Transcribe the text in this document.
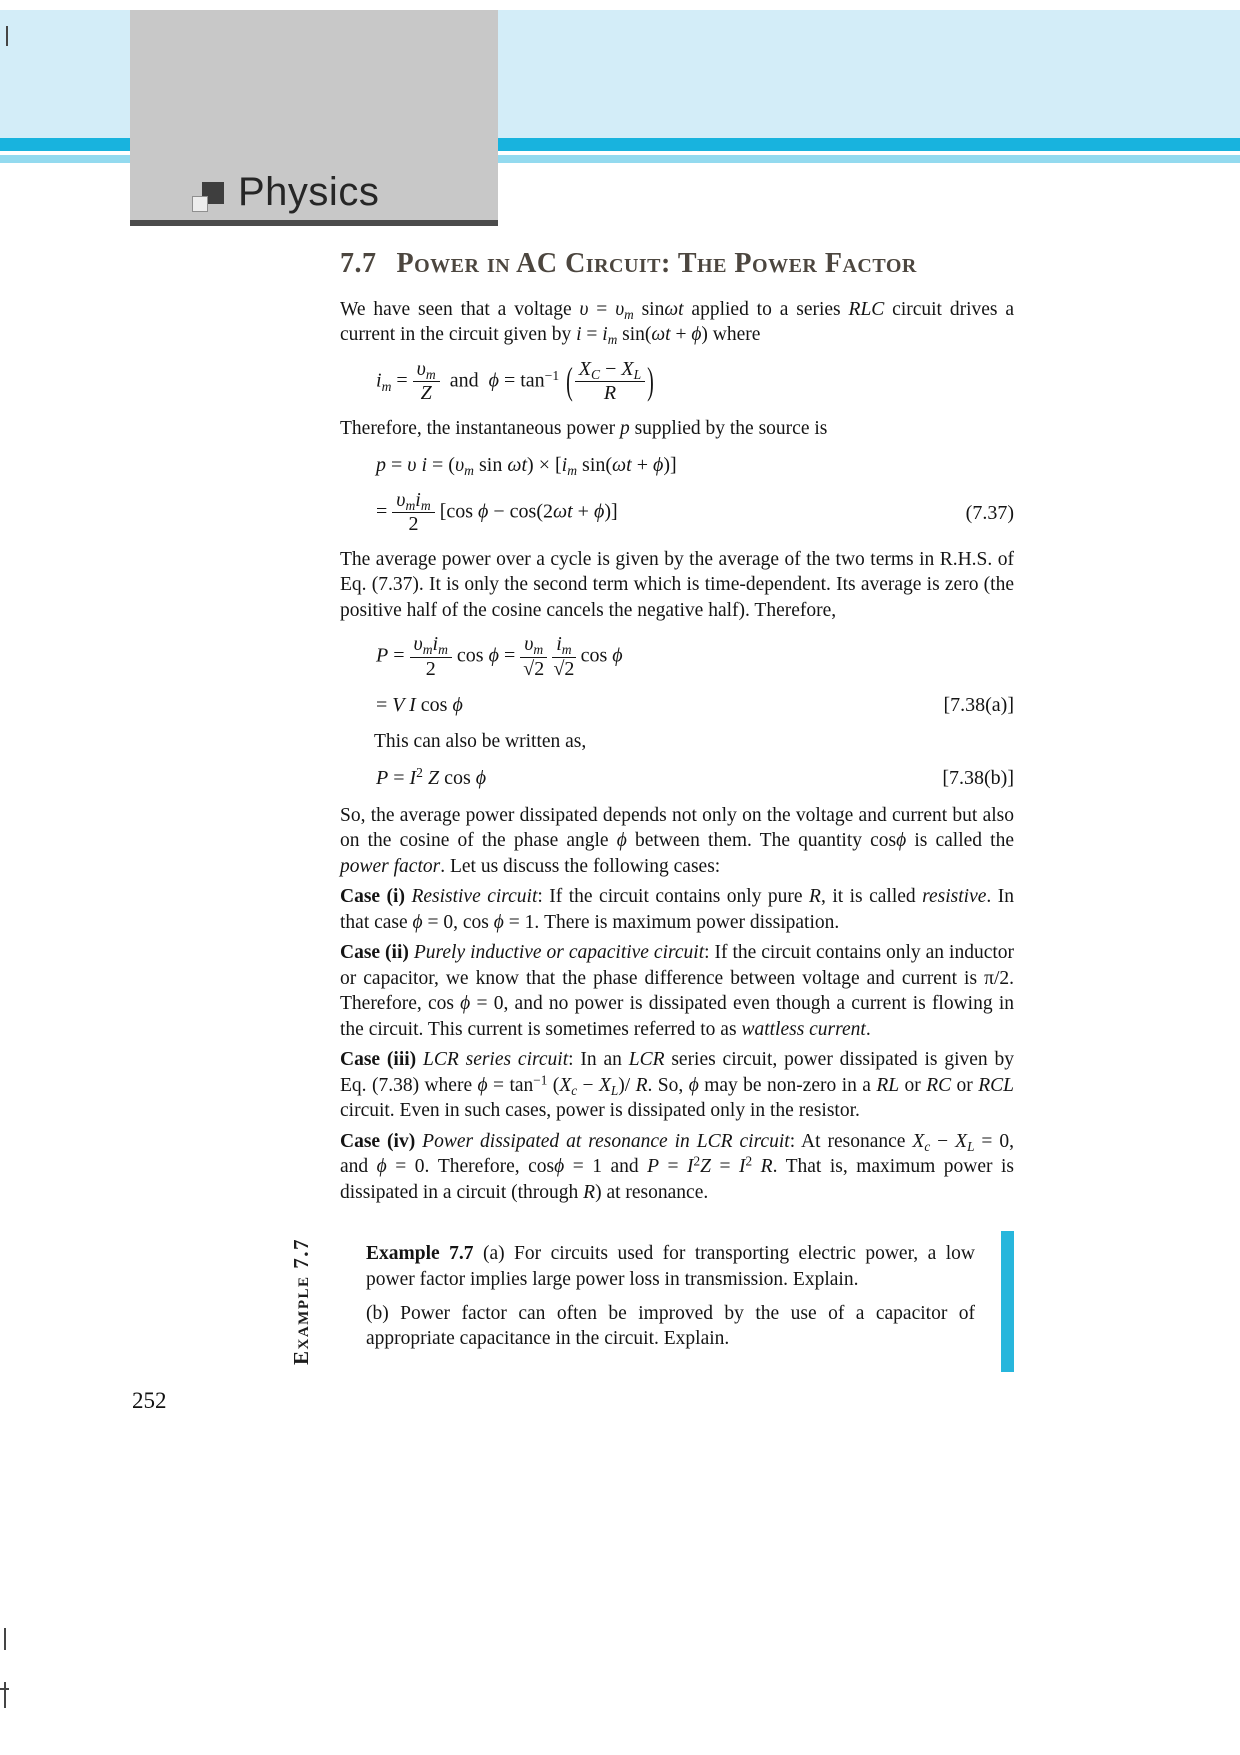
Physics
7.7 Power in AC Circuit: The Power Factor

We have seen that a voltage $\upsilon = \upsilon_m$ sinωt applied to a series RLC circuit drives a current in the circuit given by $i = i_m$ sin(ωt + ϕ) where

$i_m = \frac{\upsilon_m}{Z}$ and  $\phi = \tan^{-1}$ ( $\frac{X_C - X_L}{R}$ )

Therefore, the instantaneous power p supplied by the source is

p = υ $i = (\upsilon_m$ $\sin \omega t) \times [i_m$ sin(ωt + ϕ)]
= $\frac{\upsilon_mi_m}{2} [\cos$ ϕ − cos(2ωt + ϕ)]	(7.37)

The average power over a cycle is given by the average of the two terms in R.H.S. of Eq. (7.37). It is only the second term which is time-dependent. Its average is zero (the positive half of the cosine cancels the negative half). Therefore,

$P = \frac{\upsilon_mi_m}{2}$ $\cos \phi = \frac{\upsilon_m}{√2}$
$\frac{i_m}{√2}$ cos ϕ
= V I cos ϕ	[7.38(a)]

This can also be written as,

$P = I^2$ Z cos ϕ	[7.38(b)]

So, the average power dissipated depends not only on the voltage and current but also on the cosine of the phase angle ϕ between them. The quantity cosϕ is called the power factor. Let us discuss the following cases:

Case (i) Resistive circuit: If the circuit contains only pure R, it is called resistive. In that case ϕ = 0, cos ϕ = 1. There is maximum power dissipation.

Case (ii) Purely inductive or capacitive circuit: If the circuit contains only an inductor or capacitor, we know that the phase difference between voltage and current is π/2. Therefore, cos ϕ = 0, and no power is dissipated even though a current is flowing in the circuit. This current is sometimes referred to as wattless current.

Case (iii) LCR series circuit: In an LCR series circuit, power dissipated is given by Eq. (7.38) where $\phi = \tan^{-1} (X_c - X_L)/$ R. So, ϕ may be non-zero in a RL or RC or RCL circuit. Even in such cases, power is dissipated only in the resistor.

Case (iv) Power dissipated at resonance in LCR circuit: At resonance $X_c - X_L = 0$, and ϕ = 0. Therefore, cosϕ = 1 and $P = I^2Z = I^2$ R. That is, maximum power is dissipated in a circuit (through R) at resonance.

Example 7.7	Example 7.7 (a) For circuits used for transporting electric power, a low power factor implies large power loss in transmission. Explain.

(b) Power factor can often be improved by the use of a capacitor of appropriate capacitance in the circuit. Explain.

252
